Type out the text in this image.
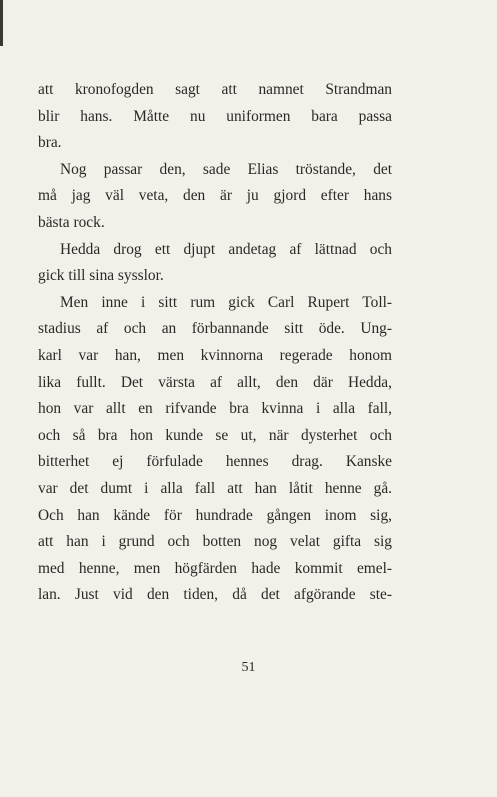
att kronofogden sagt att namnet Strandman
blir hans. Måtte nu uniformen bara passa
bra.
Nog passar den, sade Elias tröstande, det
må jag väl veta, den är ju gjord efter hans
bästa rock.
Hedda drog ett djupt andetag af lättnad och
gick till sina sysslor.
Men inne i sitt rum gick Carl Rupert Toll-
stadius af och an förbannande sitt öde. Ung-
karl var han, men kvinnorna regerade honom
lika fullt. Det värsta af allt, den där Hedda,
hon var allt en rifvande bra kvinna i alla fall,
och så bra hon kunde se ut, när dysterhet och
bitterhet ej förfulade hennes drag. Kanske
var det dumt i alla fall att han låtit henne gå.
Och han kände för hundrade gången inom sig,
att han i grund och botten nog velat gifta sig
med henne, men högfärden hade kommit emel-
lan. Just vid den tiden, då det afgörande ste-
51
